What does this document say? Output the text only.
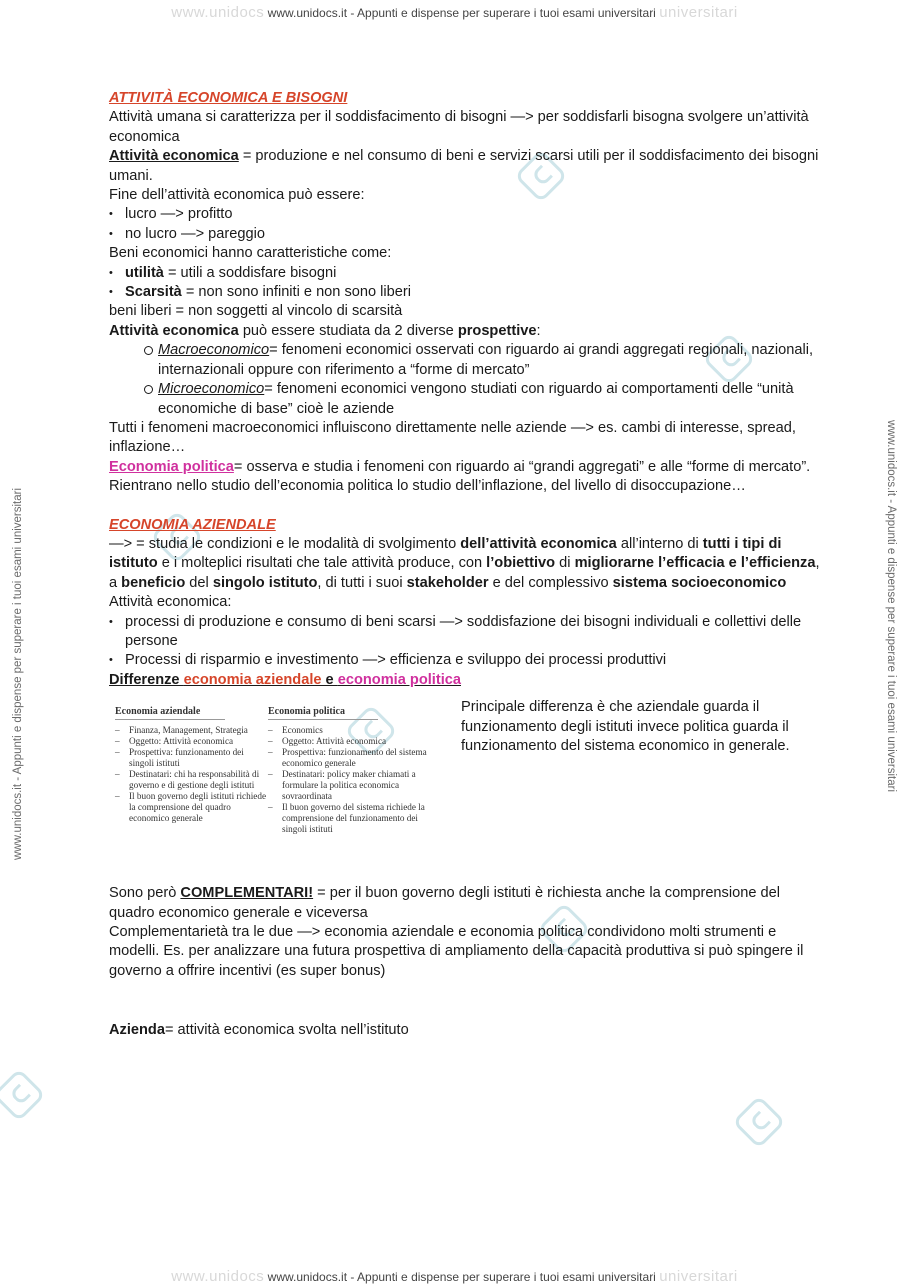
www.unidocs www.unidocs.it - Appunti e dispense per superare i tuoi esami universitari universitari
www.unidocs www.unidocs.it - Appunti e dispense per superare i tuoi esami universitari universitari
www.unidocs.it - Appunti e dispense per superare i tuoi esami universitari	www.unidocs.it - Appunti e dispense per superare i tuoi esami universitari

ATTIVITÀ ECONOMICA E BISOGNI

Attività umana si caratterizza per il soddisfacimento di bisogni —> per soddisfarli bisogna svolgere un’attività economica

Attività economica = produzione e nel consumo di beni e servizi scarsi utili per il soddisfacimento dei bisogni umani.

Fine dell’attività economica può essere:

• lucro —> profitto

• no lucro —> pareggio

Beni economici hanno caratteristiche come:

• utilità = utili a soddisfare bisogni

• Scarsità = non sono infiniti e non sono liberi

beni liberi = non soggetti al vincolo di scarsità

Attività economica può essere studiata da 2 diverse prospettive:

Macroeconomico= fenomeni economici osservati con riguardo ai grandi aggregati regionali, nazionali, internazionali oppure con riferimento a “forme di mercato”

Microeconomico= fenomeni economici vengono studiati con riguardo ai comportamenti delle “unità economiche di base” cioè le aziende

Tutti i fenomeni macroeconomici influiscono direttamente nelle aziende —> es. cambi di interesse, spread, inflazione…

Economia politica= osserva e studia i fenomeni con riguardo ai “grandi aggregati” e alle “forme di mercato”. Rientrano nello studio dell’economia politica lo studio dell’inflazione, del livello di disoccupazione…

ECONOMIA AZIENDALE

—> = studia le condizioni e le modalità di svolgimento dell’attività economica all’interno di tutti i tipi di istituto e i molteplici risultati che tale attività produce, con l’obiettivo di migliorarne l’efficacia e l’efficienza, a beneficio del singolo istituto, di tutti i suoi stakeholder e del complessivo sistema socioeconomico

Attività economica:

• processi di produzione e consumo di beni scarsi —> soddisfazione dei bisogni individuali e collettivi delle persone

• Processi di risparmio e investimento —> efficienza e sviluppo dei processi produttivi

Differenze economia aziendale e economia politica

Economia aziendale
– Finanza, Management, Strategia
– Oggetto: Attività economica
– Prospettiva: funzionamento dei singoli istituti
– Destinatari: chi ha responsabilità di governo e di gestione degli istituti
– Il buon governo degli istituti richiede la comprensione del quadro economico generale
Economia politica
– Economics
– Oggetto: Attività economica
– Prospettiva: funzionamento del sistema economico generale
– Destinatari: policy maker chiamati a formulare la politica economica sovraordinata
– Il buon governo del sistema richiede la comprensione del funzionamento dei singoli istituti

Principale differenza è che aziendale guarda il funzionamento degli istituti invece politica guarda il funzionamento del sistema economico in generale.

Sono però COMPLEMENTARI! = per il buon governo degli istituti è richiesta anche la comprensione del quadro economico generale e viceversa

Complementarietà tra le due —> economia aziendale e economia politica condividono molti strumenti e modelli. Es. per analizzare una futura prospettiva di ampliamento della capacità produttiva si può spingere il governo a offrire incentivi (es super bonus)

Azienda= attività economica svolta nell’istituto
